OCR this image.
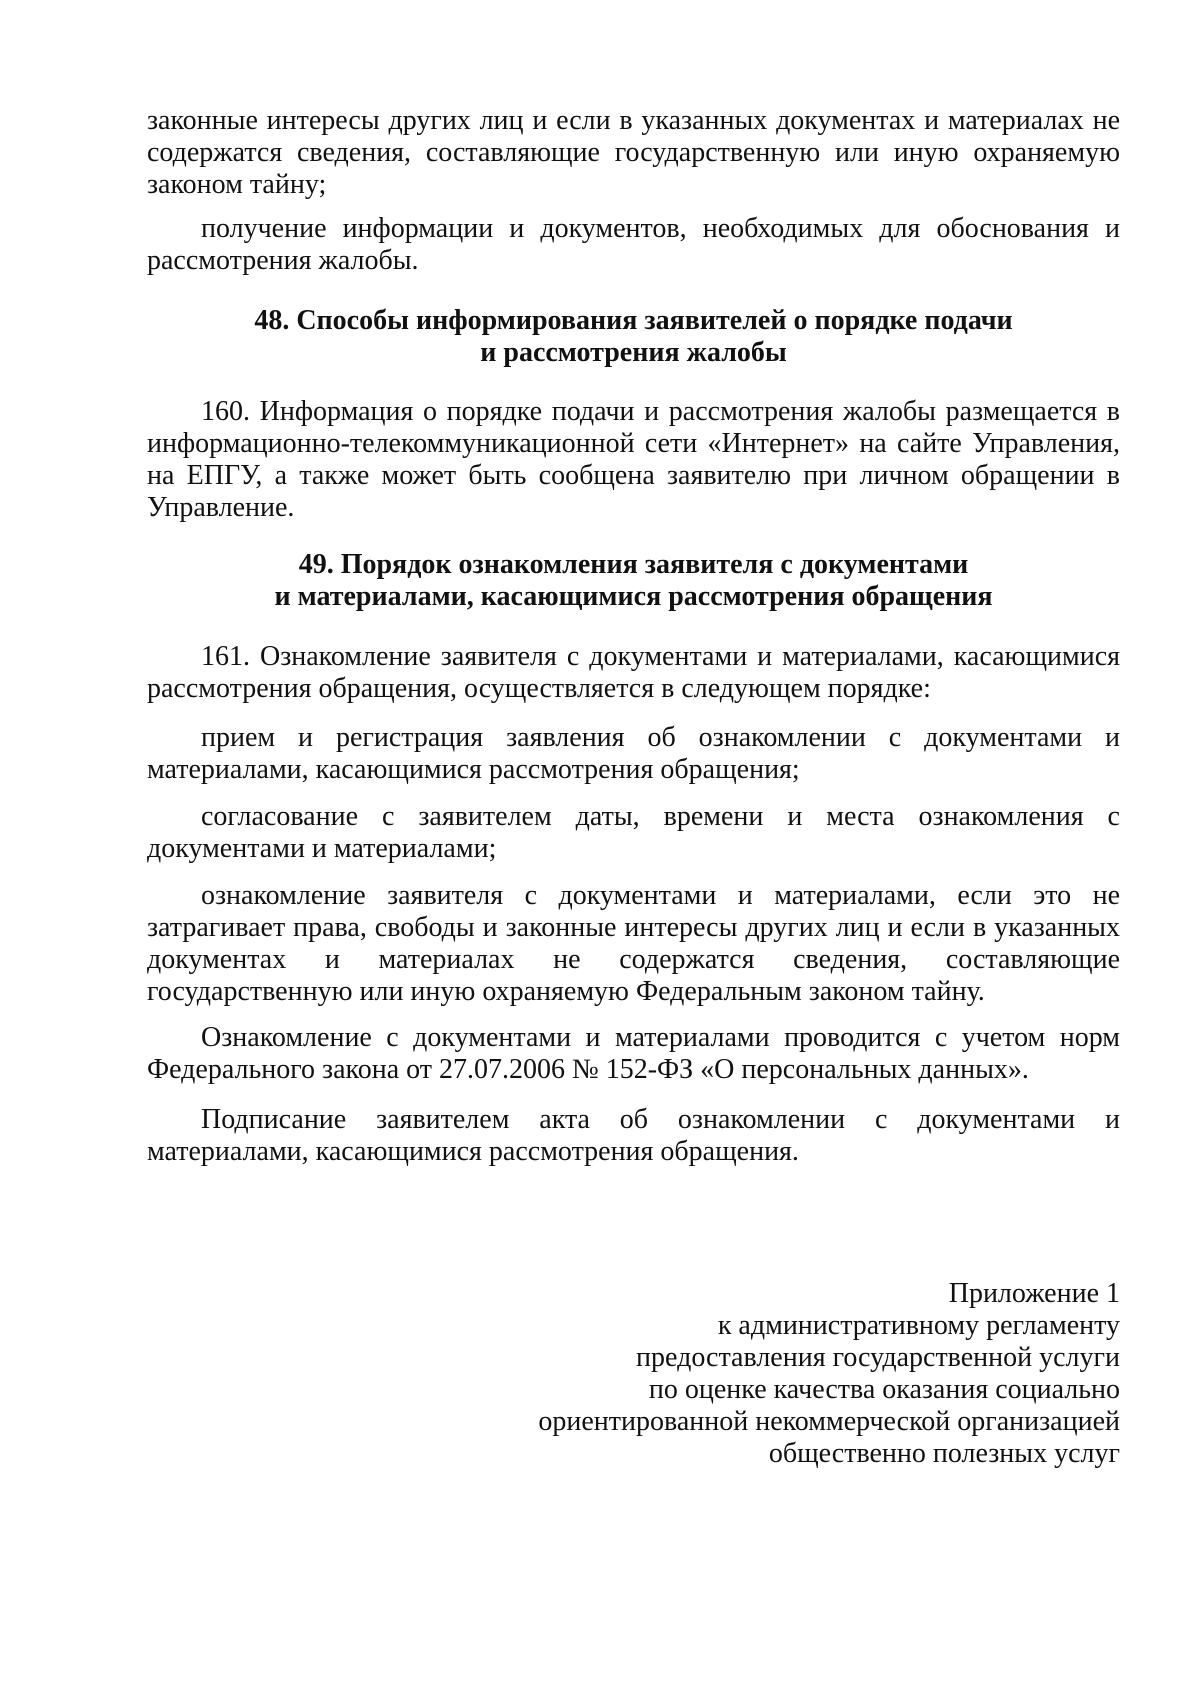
законные интересы других лиц и если в указанных документах и материалах не содержатся сведения, составляющие государственную или иную охраняемую законом тайну;

получение информации и документов, необходимых для обоснования и рассмотрения жалобы.

48. Способы информирования заявителей о порядке подачи
и рассмотрения жалобы

160. Информация о порядке подачи и рассмотрения жалобы размещается в информационно-телекоммуникационной сети «Интернет» на сайте Управления, на ЕПГУ, а также может быть сообщена заявителю при личном обращении в Управление.

49. Порядок ознакомления заявителя с документами
и материалами, касающимися рассмотрения обращения

161. Ознакомление заявителя с документами и материалами, касающимися рассмотрения обращения, осуществляется в следующем порядке:

прием и регистрация заявления об ознакомлении с документами и материалами, касающимися рассмотрения обращения;

согласование с заявителем даты, времени и места ознакомления с документами и материалами;

ознакомление заявителя с документами и материалами, если это не затрагивает права, свободы и законные интересы других лиц и если в указанных документах и материалах не содержатся сведения, составляющие государственную или иную охраняемую Федеральным законом тайну.

Ознакомление с документами и материалами проводится с учетом норм Федерального закона от 27.07.2006 № 152-ФЗ «О персональных данных».

Подписание заявителем акта об ознакомлении с документами и материалами, касающимися рассмотрения обращения.

Приложение 1
к административному регламенту
предоставления государственной услуги
по оценке качества оказания социально
ориентированной некоммерческой организацией
общественно полезных услуг
